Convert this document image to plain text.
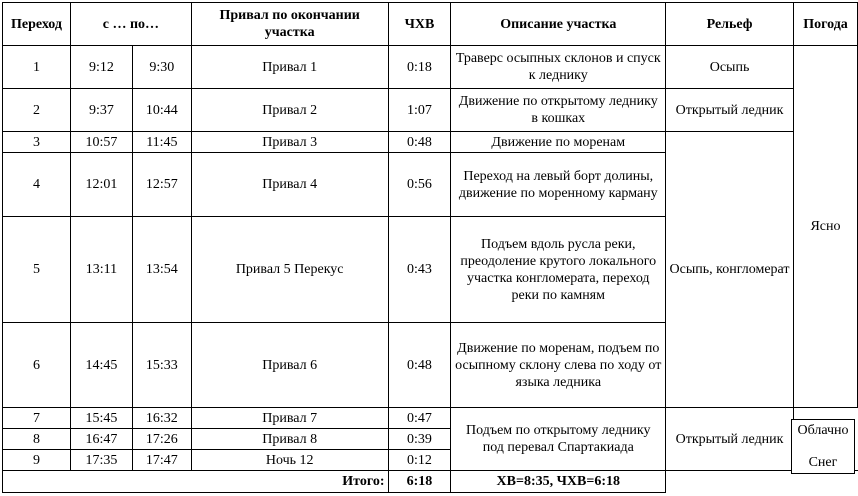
Переход	с … по…		Привал по окончании участка	ЧХВ	Описание участка	Рельеф	Погода
1	9:12	9:30	Привал 1	0:18	Траверс осыпных склонов и спуск к леднику	Осыпь	Ясно
2	9:37	10:44	Привал 2	1:07	Движение по открытому леднику в кошках	Открытый ледник	
3	10:57	11:45	Привал 3	0:48	Движение по моренам	Осыпь, конгломерат	
4	12:01	12:57	Привал 4	0:56	Переход на левый борт долины, движение по моренному карману		
5	13:11	13:54	Привал 5 Перекус	0:43	Подъем вдоль русла реки, преодоление крутого локального участка конгломерата, переход реки по камням		
6	14:45	15:33	Привал 6	0:48	Движение по моренам, подъем по осыпному склону слева по ходу от языка ледника		
7	15:45	16:32	Привал 7	0:47	Подъем по открытому леднику под перевал Спартакиада	Открытый ледник	
8	16:47	17:26	Привал 8	0:39			
9	17:35	17:47	Ночь 12	0:12			
Итого:				6:18	ХВ=8:35, ЧХВ=6:18		
Облачно
Снег
